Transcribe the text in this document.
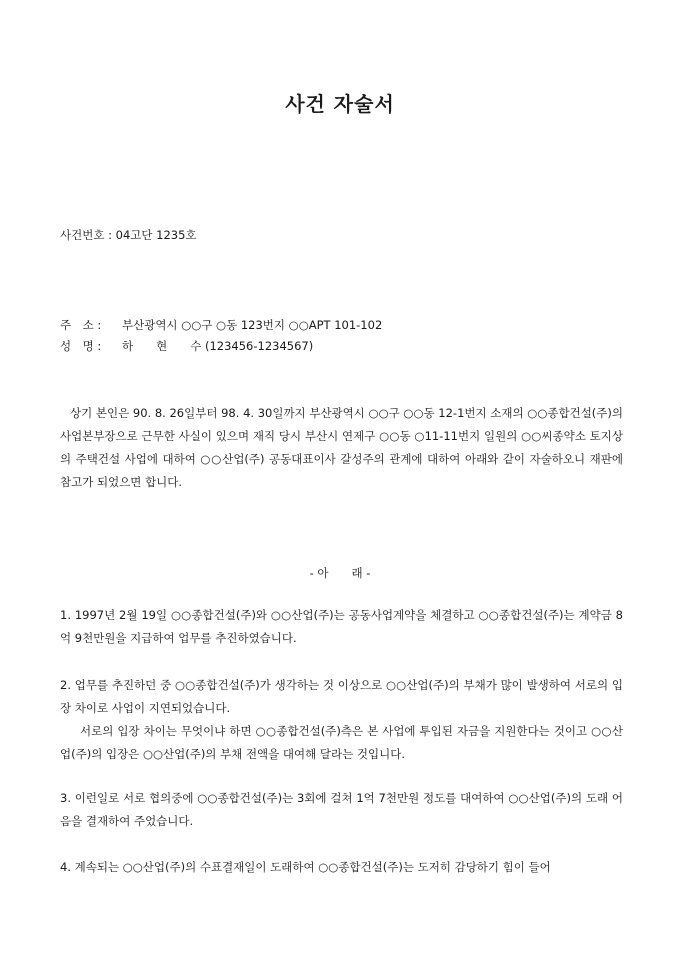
사건 자술서
사건번호 : 04고단 1235호
주　소 : 부산광역시 ○○구 ○동 123번지 ○○APT 101-102
성　명 : 하　　현　　수 (123456-1234567)
상기 본인은 90. 8. 26일부터 98. 4. 30일까지 부산광역시 ○○구 ○○동 12-1번지 소재의 ○○종합건설(주)의 사업본부장으로 근무한 사실이 있으며 재직 당시 부산시 연제구 ○○동 ○11-11번지 일원의 ○○씨종약소 토지상의 주택건설 사업에 대하여 ○○산업(주) 공동대표이사 갈성주의 관계에 대하여 아래와 같이 자술하오니 재판에 참고가 되었으면 합니다.
- 아　　래 -
1. 1997년 2월 19일 ○○종합건설(주)와 ○○산업(주)는 공동사업계약을 체결하고 ○○종합건설(주)는 계약금 8억 9천만원을 지급하여 업무를 추진하였습니다.
2. 업무를 추진하던 중 ○○종합건설(주)가 생각하는 것 이상으로 ○○산업(주)의 부채가 많이 발생하여 서로의 입장 차이로 사업이 지연되었습니다.
서로의 입장 차이는 무엇이냐 하면 ○○종합건설(주)측은 본 사업에 투입된 자금을 지원한다는 것이고 ○○산업(주)의 입장은 ○○산업(주)의 부채 전액을 대여해 달라는 것입니다.
3. 이런일로 서로 협의중에 ○○종합건설(주)는 3회에 걸쳐 1억 7천만원 정도를 대여하여 ○○산업(주)의 도래 어음을 결재하여 주었습니다.
4. 계속되는 ○○산업(주)의 수표결재일이 도래하여 ○○종합건설(주)는 도저히 감당하기 힘이 들어
